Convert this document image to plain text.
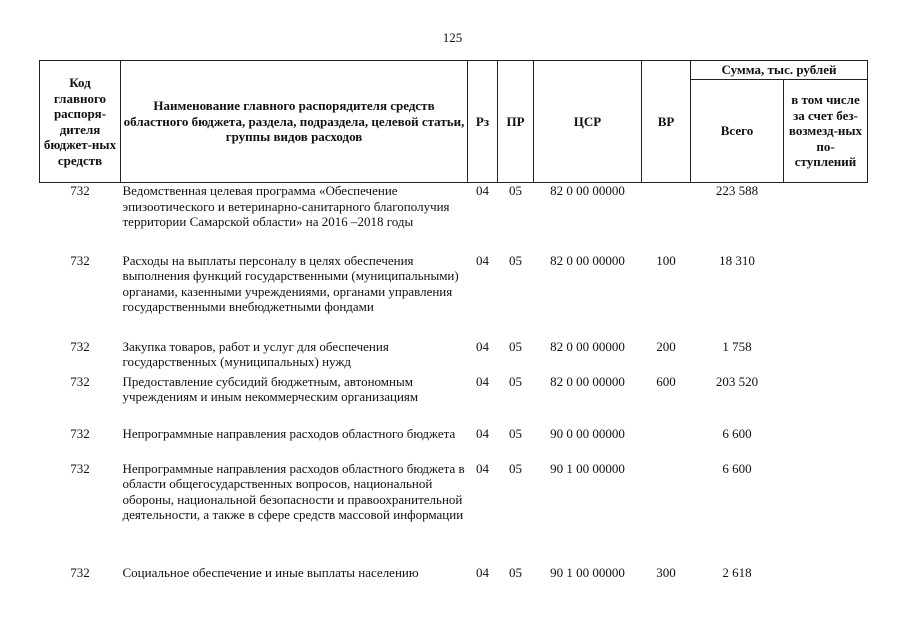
125
Код главного распоря-дителя бюджет-ных средств	Наименование главного распорядителя средств областного бюджета, раздела, подраздела, целевой статьи, группы видов расходов	Рз	ПР	ЦСР	ВР	Сумма, тыс. рублей	
						Всего	в том числе за счет без-возмезд-ных по-ступлений
732	Ведомственная целевая программа «Обеспечение эпизоотического и ветеринарно-санитарного благополучия территории Самарской области» на 2016 –2018 годы	04	05	82 0 00 00000		223 588	
732	Расходы на выплаты персоналу в целях обеспечения выполнения функций государственными (муниципальными) органами, казенными учреждениями, органами управления государственными внебюджетными фондами	04	05	82 0 00 00000	100	18 310	
732	Закупка товаров, работ и услуг для обеспечения государственных (муниципальных) нужд	04	05	82 0 00 00000	200	1 758	
732	Предоставление субсидий бюджетным, автономным учреждениям и иным некоммерческим организациям	04	05	82 0 00 00000	600	203 520	
732	Непрограммные направления расходов областного бюджета	04	05	90 0 00 00000		6 600	
732	Непрограммные направления расходов областного бюджета в области общегосударственных вопросов, национальной обороны, национальной безопасности и правоохранительной деятельности, а также в сфере средств массовой информации	04	05	90 1 00 00000		6 600	
732	Социальное обеспечение и иные выплаты населению	04	05	90 1 00 00000	300	2 618	
